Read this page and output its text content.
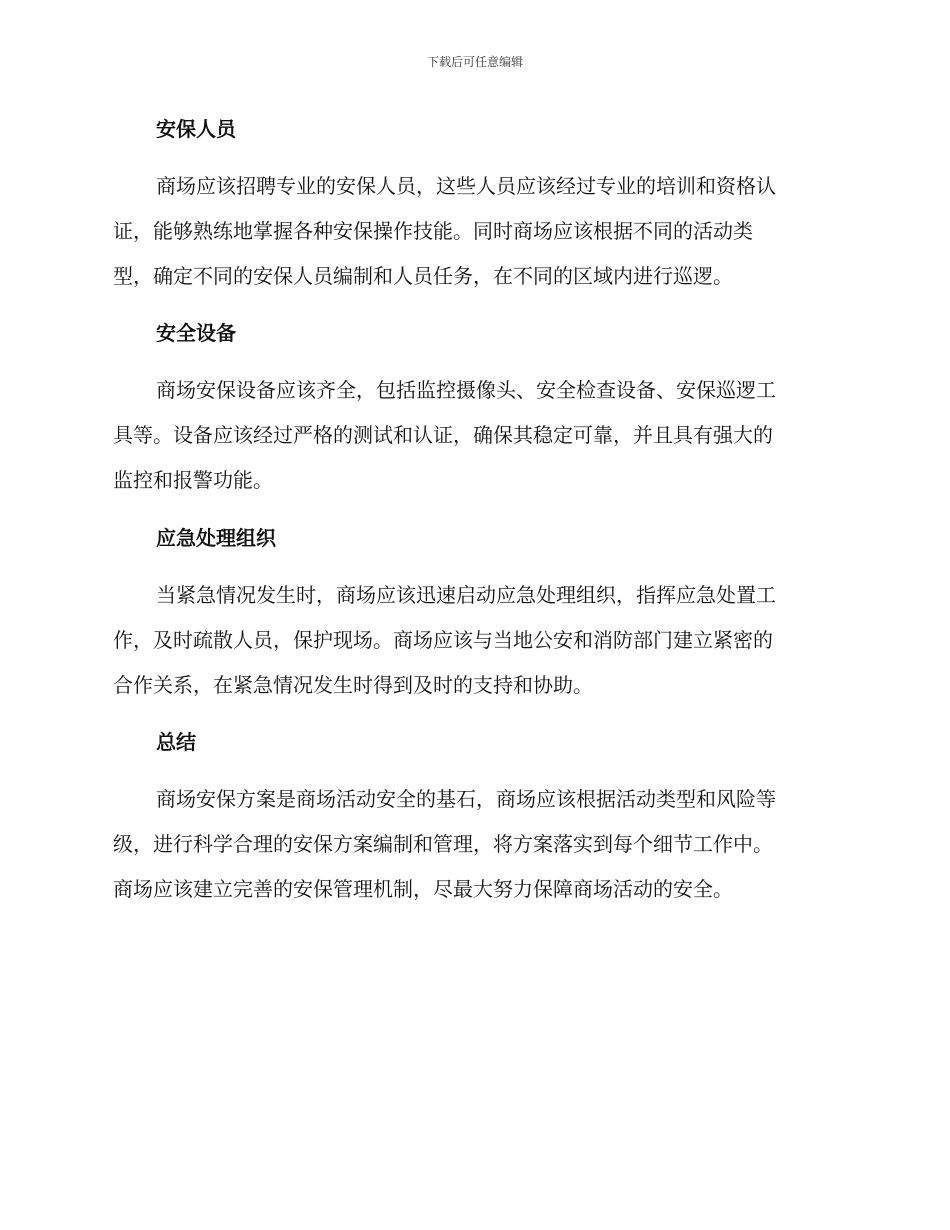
下载后可任意编辑
安保人员
商场应该招聘专业的安保人员，这些人员应该经过专业的培训和资格认
证，能够熟练地掌握各种安保操作技能。同时商场应该根据不同的活动类
型，确定不同的安保人员编制和人员任务，在不同的区域内进行巡逻。
安全设备
商场安保设备应该齐全，包括监控摄像头、安全检查设备、安保巡逻工
具等。设备应该经过严格的测试和认证，确保其稳定可靠，并且具有强大的
监控和报警功能。
应急处理组织
当紧急情况发生时，商场应该迅速启动应急处理组织，指挥应急处置工
作，及时疏散人员，保护现场。商场应该与当地公安和消防部门建立紧密的
合作关系，在紧急情况发生时得到及时的支持和协助。
总结
商场安保方案是商场活动安全的基石，商场应该根据活动类型和风险等
级，进行科学合理的安保方案编制和管理，将方案落实到每个细节工作中。
商场应该建立完善的安保管理机制，尽最大努力保障商场活动的安全。
